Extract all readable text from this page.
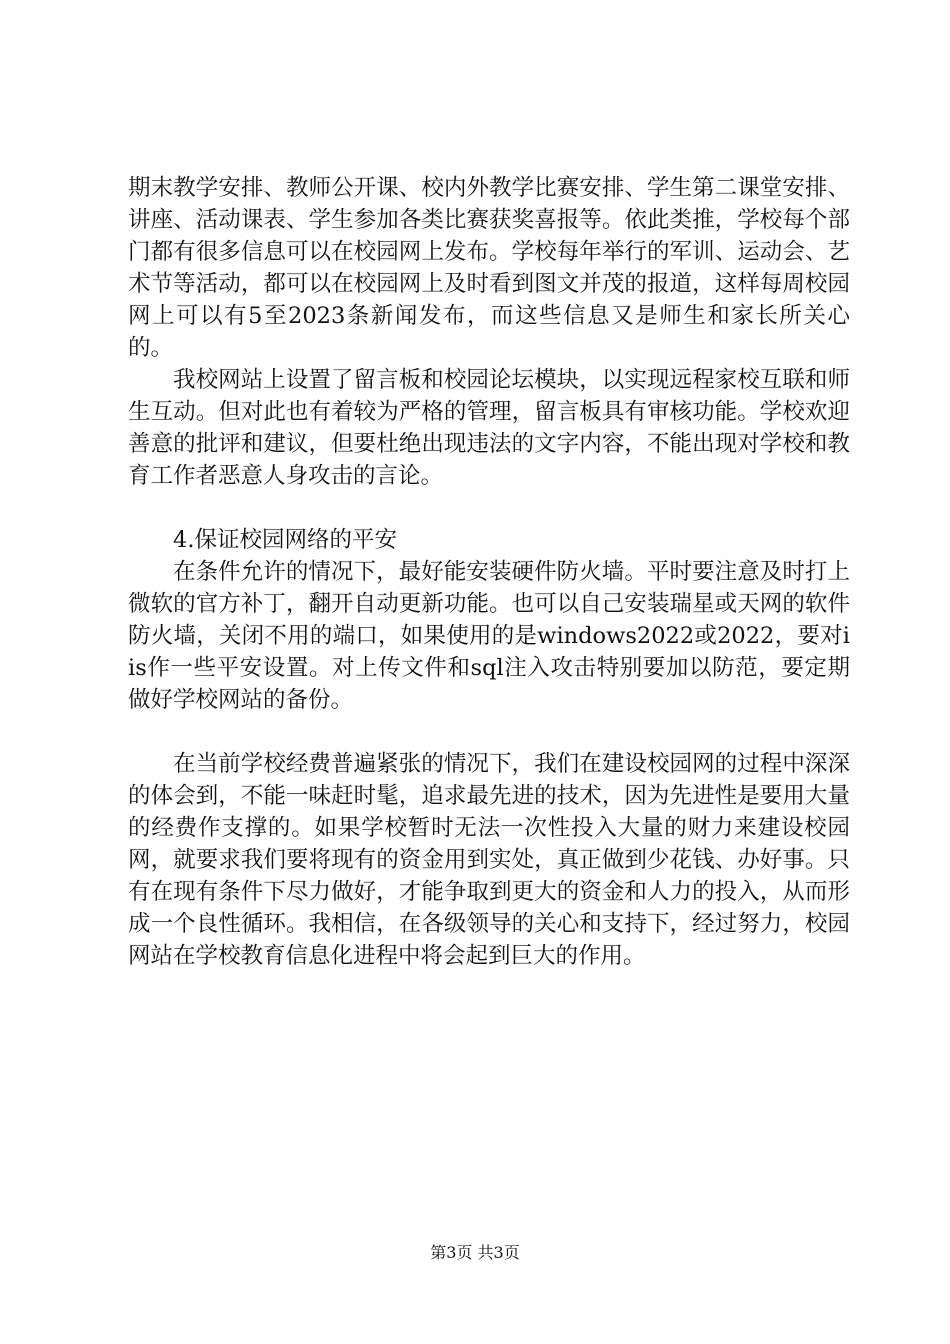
期末教学安排、教师公开课、校内外教学比赛安排、学生第二课堂安排、讲座、活动课表、学生参加各类比赛获奖喜报等。依此类推，学校每个部门都有很多信息可以在校园网上发布。学校每年举行的军训、运动会、艺术节等活动，都可以在校园网上及时看到图文并茂的报道，这样每周校园网上可以有5至2023条新闻发布，而这些信息又是师生和家长所关心的。

我校网站上设置了留言板和校园论坛模块，以实现远程家校互联和师生互动。但对此也有着较为严格的管理，留言板具有审核功能。学校欢迎善意的批评和建议，但要杜绝出现违法的文字内容，不能出现对学校和教育工作者恶意人身攻击的言论。

4.保证校园网络的平安

在条件允许的情况下，最好能安装硬件防火墙。平时要注意及时打上微软的官方补丁，翻开自动更新功能。也可以自己安装瑞星或天网的软件防火墙，关闭不用的端口，如果使用的是windows2022或2022，要对iis作一些平安设置。对上传文件和sql注入攻击特别要加以防范，要定期做好学校网站的备份。

在当前学校经费普遍紧张的情况下，我们在建设校园网的过程中深深的体会到，不能一味赶时髦，追求最先进的技术，因为先进性是要用大量的经费作支撑的。如果学校暂时无法一次性投入大量的财力来建设校园网，就要求我们要将现有的资金用到实处，真正做到少花钱、办好事。只有在现有条件下尽力做好，才能争取到更大的资金和人力的投入，从而形成一个良性循环。我相信，在各级领导的关心和支持下，经过努力，校园网站在学校教育信息化进程中将会起到巨大的作用。

第3页 共3页
